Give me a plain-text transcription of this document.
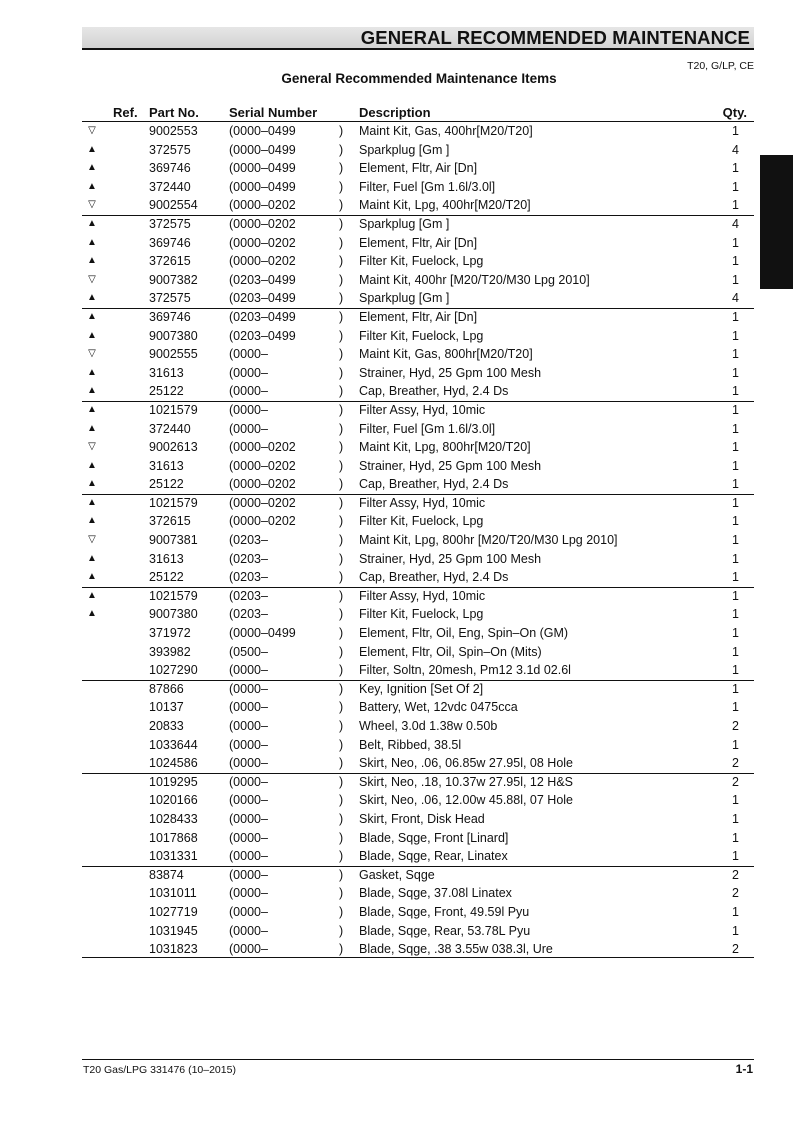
GENERAL RECOMMENDED MAINTENANCE
T20, G/LP, CE
General Recommended Maintenance Items
Ref. Part No. Serial Number	Description	Qty.
▽	9002553	(0000–0499	) Maint Kit, Gas, 400hr[M20/T20]	1
▲	372575	(0000–0499	) Sparkplug [Gm ]	4
▲	369746	(0000–0499	) Element, Fltr, Air [Dn]	1
▲	372440	(0000–0499	) Filter, Fuel [Gm 1.6l/3.0l]	1
▽	9002554	(0000–0202	) Maint Kit, Lpg, 400hr[M20/T20]	1
▲	372575	(0000–0202	) Sparkplug [Gm ]	4
▲	369746	(0000–0202	) Element, Fltr, Air [Dn]	1
▲	372615	(0000–0202	) Filter Kit, Fuelock, Lpg	1
▽	9007382	(0203–0499	) Maint Kit, 400hr [M20/T20/M30 Lpg 2010]	1
▲	372575	(0203–0499	) Sparkplug [Gm ]	4
▲	369746	(0203–0499	) Element, Fltr, Air [Dn]	1
▲	9007380	(0203–0499	) Filter Kit, Fuelock, Lpg	1
▽	9002555	(0000–	) Maint Kit, Gas, 800hr[M20/T20]	1
▲	31613	(0000–	) Strainer, Hyd, 25 Gpm 100 Mesh	1
▲	25122	(0000–	) Cap, Breather, Hyd, 2.4 Ds	1
▲	1021579	(0000–	) Filter Assy, Hyd, 10mic	1
▲	372440	(0000–	) Filter, Fuel [Gm 1.6l/3.0l]	1
▽	9002613	(0000–0202	) Maint Kit, Lpg, 800hr[M20/T20]	1
▲	31613	(0000–0202	) Strainer, Hyd, 25 Gpm 100 Mesh	1
▲	25122	(0000–0202	) Cap, Breather, Hyd, 2.4 Ds	1
▲	1021579	(0000–0202	) Filter Assy, Hyd, 10mic	1
▲	372615	(0000–0202	) Filter Kit, Fuelock, Lpg	1
▽	9007381	(0203–	) Maint Kit, Lpg, 800hr [M20/T20/M30 Lpg 2010]	1
▲	31613	(0203–	) Strainer, Hyd, 25 Gpm 100 Mesh	1
▲	25122	(0203–	) Cap, Breather, Hyd, 2.4 Ds	1
▲	1021579	(0203–	) Filter Assy, Hyd, 10mic	1
▲	9007380	(0203–	) Filter Kit, Fuelock, Lpg	1
371972	(0000–0499	) Element, Fltr, Oil, Eng, Spin–On (GM)	1
393982	(0500–	) Element, Fltr, Oil, Spin–On (Mits)	1
1027290	(0000–	) Filter, Soltn, 20mesh, Pm12 3.1d 02.6l	1
87866	(0000–	) Key, Ignition [Set Of 2]	1
10137	(0000–	) Battery, Wet, 12vdc 0475cca	1
20833	(0000–	) Wheel, 3.0d 1.38w 0.50b	2
1033644	(0000–	) Belt, Ribbed, 38.5l	1
1024586	(0000–	) Skirt, Neo, .06, 06.85w 27.95l, 08 Hole	2
1019295	(0000–	) Skirt, Neo, .18, 10.37w 27.95l, 12 H&S	2
1020166	(0000–	) Skirt, Neo, .06, 12.00w 45.88l, 07 Hole	1
1028433	(0000–	) Skirt, Front, Disk Head	1
1017868	(0000–	) Blade, Sqge, Front [Linard]	1
1031331	(0000–	) Blade, Sqge, Rear, Linatex	1
83874	(0000–	) Gasket, Sqge	2
1031011	(0000–	) Blade, Sqge, 37.08l Linatex	2
1027719	(0000–	) Blade, Sqge, Front, 49.59l Pyu	1
1031945	(0000–	) Blade, Sqge, Rear, 53.78L Pyu	1
1031823	(0000–	) Blade, Sqge, .38 3.55w 038.3l, Ure	2
T20 Gas/LPG 331476 (10–2015)	1-1
